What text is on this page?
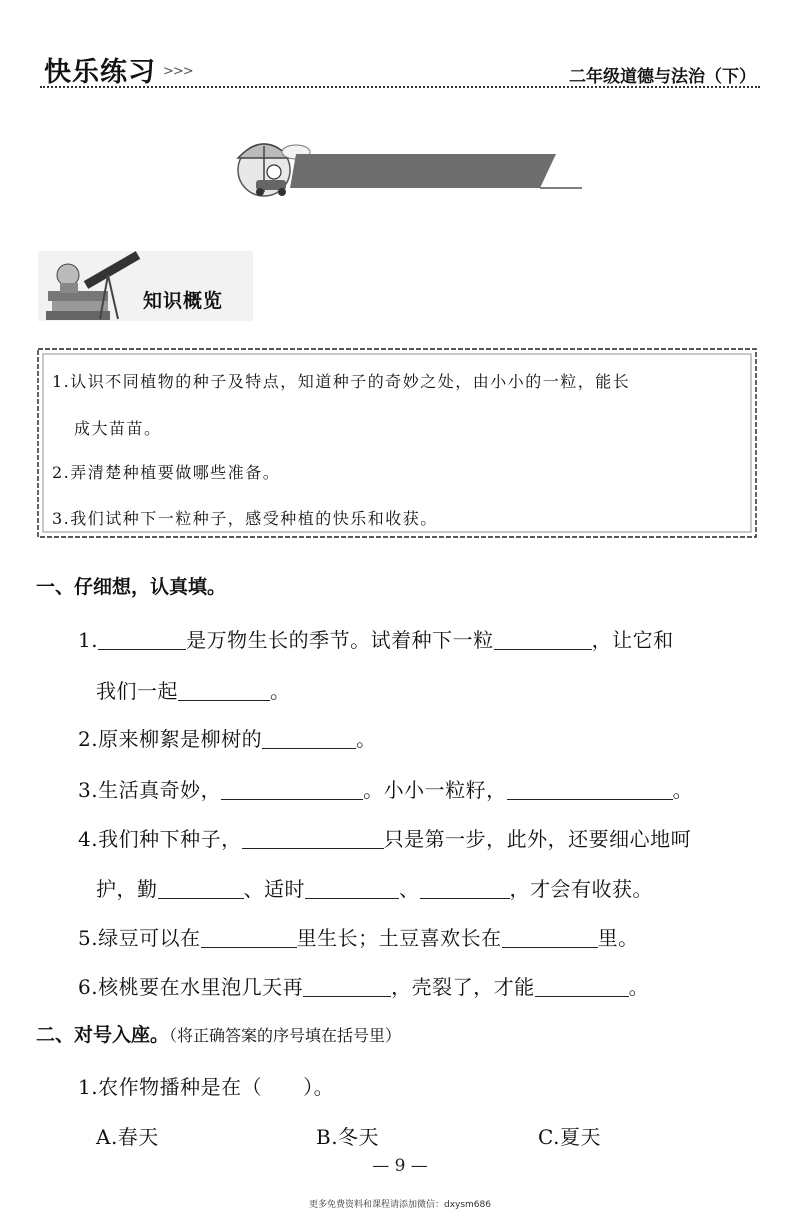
快乐练习 >>>	二年级道德与法治（下）
4 试种一粒籽
知识概览
1.认识不同植物的种子及特点，知道种子的奇妙之处，由小小的一粒，能长
成大苗苗。
2.弄清楚种植要做哪些准备。
3.我们试种下一粒种子，感受种植的快乐和收获。
一、仔细想，认真填。
1.	是万物生长的季节。试着种下一粒	，让它和
我们一起	。
2.原来柳絮是柳树的	。
3.生活真奇妙，	。小小一粒籽，	。
4.我们种下种子，	只是第一步，此外，还要细心地呵
护，勤	、适时	、	，才会有收获。
5.绿豆可以在	里生长；土豆喜欢长在	里。
6.核桃要在水里泡几天再	，壳裂了，才能	。
二、对号入座。（将正确答案的序号填在括号里）
1.农作物播种是在（　　）。
A.春天	B.冬天	C.夏天
— 9 —
更多免费资料和课程请添加微信：dxysm686
